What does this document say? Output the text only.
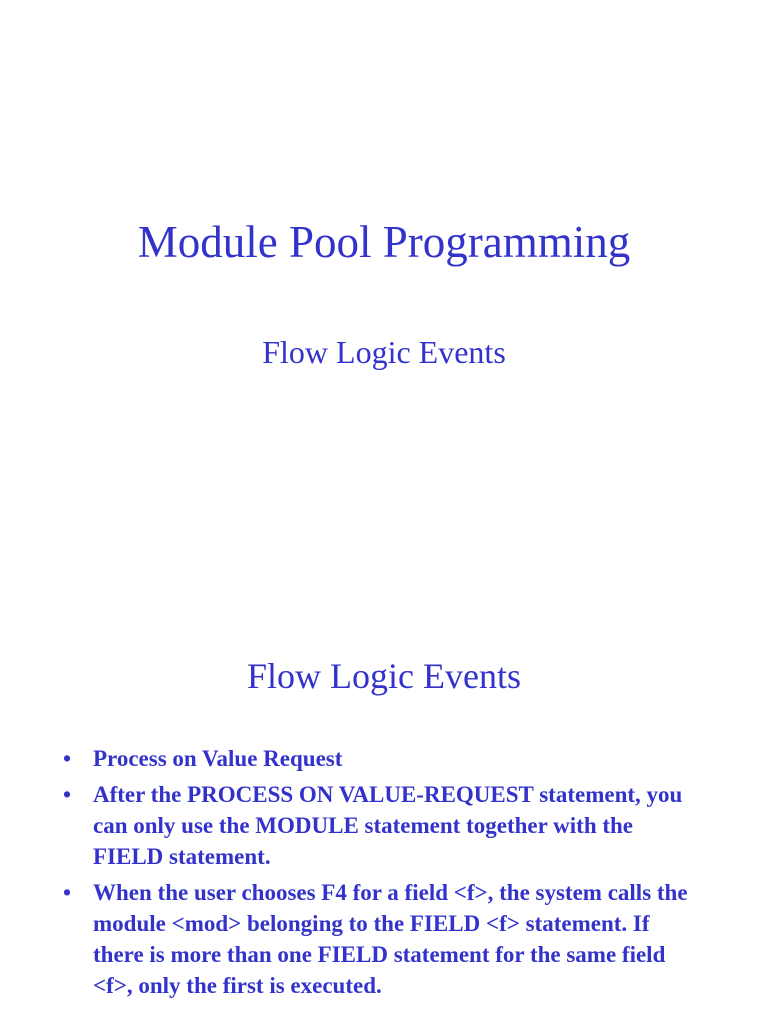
Module Pool Programming
Flow Logic Events
Flow Logic Events
• Process on Value Request
• After the PROCESS ON VALUE-REQUEST statement, you can only use the MODULE statement together with the FIELD statement.
• When the user chooses F4 for a field <f>, the system calls the module <mod> belonging to the FIELD <f> statement. If there is more than one FIELD statement for the same field <f>, only the first is executed.
